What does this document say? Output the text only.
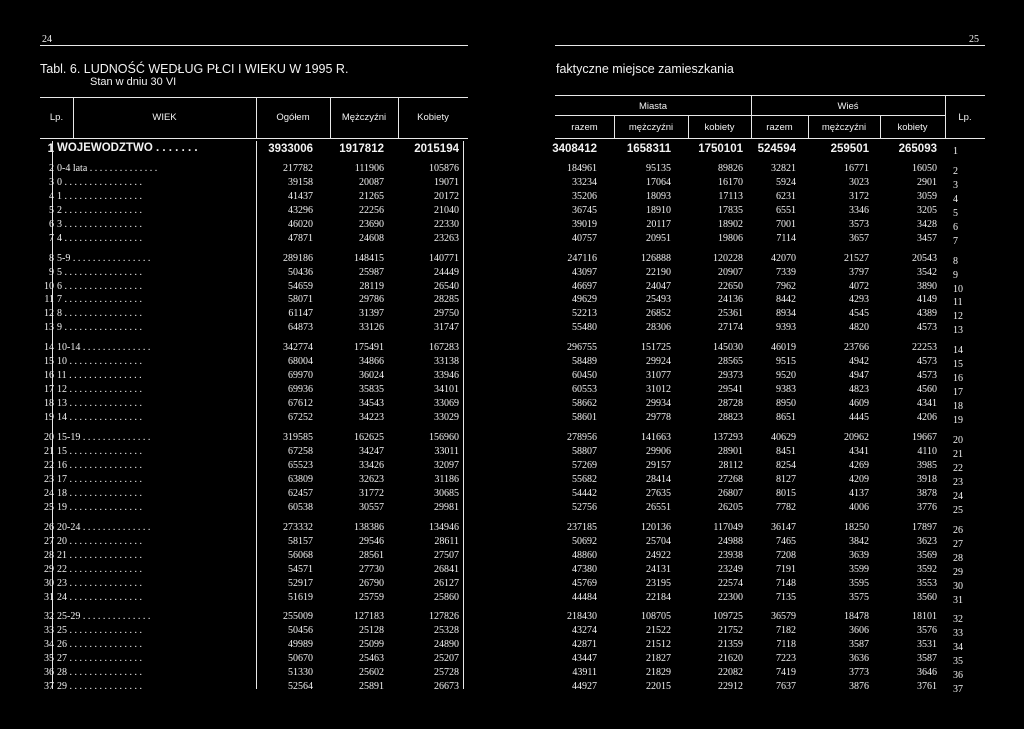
24	25
Tabl. 6. LUDNOŚĆ WEDŁUG PŁCI I WIEKU W 1995 R.
Stan w dniu 30 VI
faktyczne miejsce zamieszkania
Lp.	WIEK	Ogółem	Mężczyźni	Kobiety
Miasta	Wieś
Lp.
razem	mężczyźni	kobiety	razem	mężczyźni	kobiety
1 WOJEWÓDZTWO . . . . . . .	3933006	1917812	2015194	3408412	1658311	1750101	524594	259501	265093 1
2 0-4 lata . . . . . . . . . . . . . .	217782	111906	105876	184961	95135	89826	32821	16771	16050 2
3 0 . . . . . . . . . . . . . . . .	39158	20087	19071	33234	17064	16170	5924	3023	2901 3
4 1 . . . . . . . . . . . . . . . .	41437	21265	20172	35206	18093	17113	6231	3172	3059 4
5 2 . . . . . . . . . . . . . . . .	43296	22256	21040	36745	18910	17835	6551	3346	3205 5
6 3 . . . . . . . . . . . . . . . .	46020	23690	22330	39019	20117	18902	7001	3573	3428 6
7 4 . . . . . . . . . . . . . . . .	47871	24608	23263	40757	20951	19806	7114	3657	3457 7
8 5-9 . . . . . . . . . . . . . . . .	289186	148415	140771	247116	126888	120228	42070	21527	20543 8
9 5 . . . . . . . . . . . . . . . .	50436	25987	24449	43097	22190	20907	7339	3797	3542 9
10 6 . . . . . . . . . . . . . . . .	54659	28119	26540	46697	24047	22650	7962	4072	3890 10
11 7 . . . . . . . . . . . . . . . .	58071	29786	28285	49629	25493	24136	8442	4293	4149 11
12 8 . . . . . . . . . . . . . . . .	61147	31397	29750	52213	26852	25361	8934	4545	4389 12
13 9 . . . . . . . . . . . . . . . .	64873	33126	31747	55480	28306	27174	9393	4820	4573 13
14 10-14 . . . . . . . . . . . . . .	342774	175491	167283	296755	151725	145030	46019	23766	22253 14
15 10 . . . . . . . . . . . . . . .	68004	34866	33138	58489	29924	28565	9515	4942	4573 15
16 11 . . . . . . . . . . . . . . .	69970	36024	33946	60450	31077	29373	9520	4947	4573 16
17 12 . . . . . . . . . . . . . . .	69936	35835	34101	60553	31012	29541	9383	4823	4560 17
18 13 . . . . . . . . . . . . . . .	67612	34543	33069	58662	29934	28728	8950	4609	4341 18
19 14 . . . . . . . . . . . . . . .	67252	34223	33029	58601	29778	28823	8651	4445	4206 19
20 15-19 . . . . . . . . . . . . . .	319585	162625	156960	278956	141663	137293	40629	20962	19667 20
21 15 . . . . . . . . . . . . . . .	67258	34247	33011	58807	29906	28901	8451	4341	4110 21
22 16 . . . . . . . . . . . . . . .	65523	33426	32097	57269	29157	28112	8254	4269	3985 22
23 17 . . . . . . . . . . . . . . .	63809	32623	31186	55682	28414	27268	8127	4209	3918 23
24 18 . . . . . . . . . . . . . . .	62457	31772	30685	54442	27635	26807	8015	4137	3878 24
25 19 . . . . . . . . . . . . . . .	60538	30557	29981	52756	26551	26205	7782	4006	3776 25
26 20-24 . . . . . . . . . . . . . .	273332	138386	134946	237185	120136	117049	36147	18250	17897 26
27 20 . . . . . . . . . . . . . . .	58157	29546	28611	50692	25704	24988	7465	3842	3623 27
28 21 . . . . . . . . . . . . . . .	56068	28561	27507	48860	24922	23938	7208	3639	3569 28
29 22 . . . . . . . . . . . . . . .	54571	27730	26841	47380	24131	23249	7191	3599	3592 29
30 23 . . . . . . . . . . . . . . .	52917	26790	26127	45769	23195	22574	7148	3595	3553 30
31 24 . . . . . . . . . . . . . . .	51619	25759	25860	44484	22184	22300	7135	3575	3560 31
32 25-29 . . . . . . . . . . . . . .	255009	127183	127826	218430	108705	109725	36579	18478	18101 32
33 25 . . . . . . . . . . . . . . .	50456	25128	25328	43274	21522	21752	7182	3606	3576 33
34 26 . . . . . . . . . . . . . . .	49989	25099	24890	42871	21512	21359	7118	3587	3531 34
35 27 . . . . . . . . . . . . . . .	50670	25463	25207	43447	21827	21620	7223	3636	3587 35
36 28 . . . . . . . . . . . . . . .	51330	25602	25728	43911	21829	22082	7419	3773	3646 36
37 29 . . . . . . . . . . . . . . .	52564	25891	26673	44927	22015	22912	7637	3876	3761 37
